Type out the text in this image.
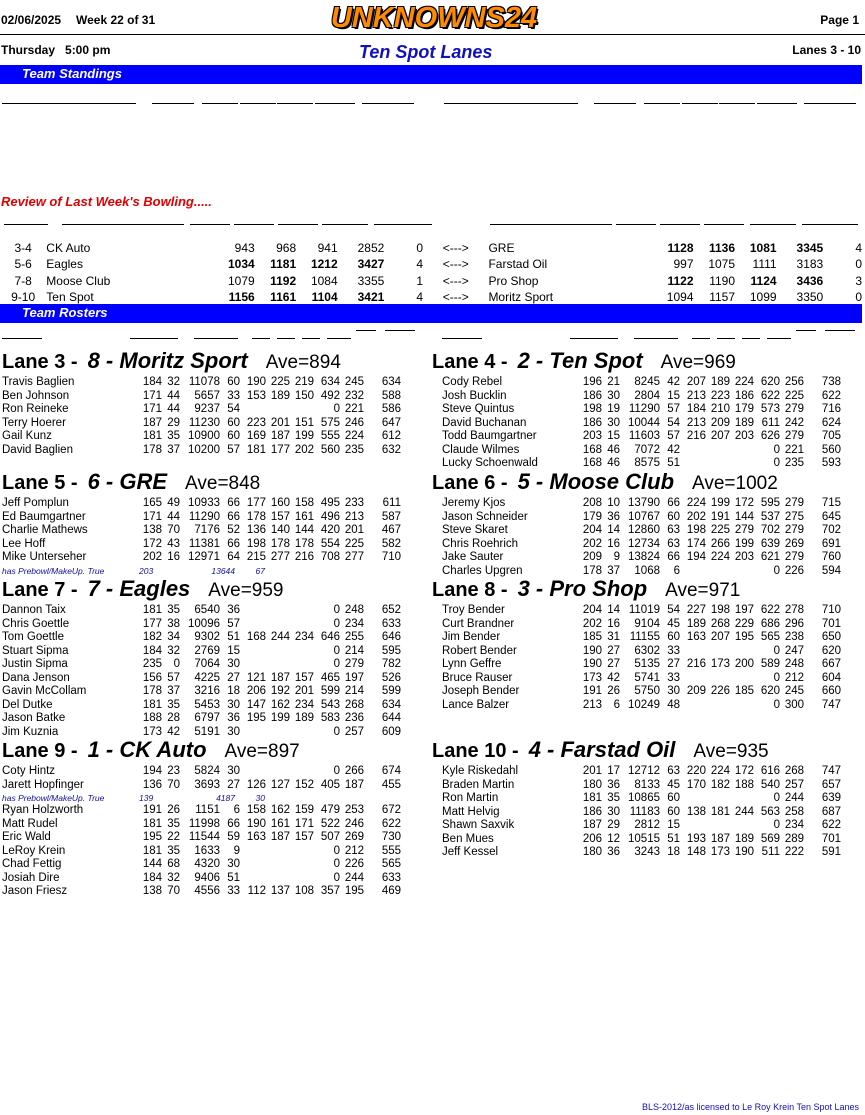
02/06/2025 Week 22 of 31	UNKNOWNS24	Page 1
Thursday   5:00 pm	Ten Spot Lanes	Lanes 3 - 10
Team Standings

Review of Last Week's Bowling.....
3-4	CK Auto	943	968	941	2852	0	<--->	GRE	1128	1136	1081	3345	4
5-6	Eagles	1034	1181	1212	3427	4	<--->	Farstad Oil	997	1075	1111	3183	0
7-8	Moose Club	1079	1192	1084	3355	1	<--->	Pro Shop	1122	1190	1124	3436	3
9-10	Ten Spot	1156	1161	1104	3421	4	<--->	Moritz Sport	1094	1157	1099	3350	0
Team Rosters
Lane 3 - 8 - Moritz Sport Ave=894
Travis Baglien	184	32	11078	60	190	225	219	634	245	634
Ben Johnson	171	44	5657	33	153	189	150	492	232	588
Ron Reineke	171	44	9237	54				0	221	586
Terry Hoerer	187	29	11230	60	223	201	151	575	246	647
Gail Kunz	181	35	10900	60	169	187	199	555	224	612
David Baglien	178	37	10200	57	181	177	202	560	235	632
Lane 4 - 2 - Ten Spot Ave=969
Cody Rebel	196	21	8245	42	207	189	224	620	256	738
Josh Bucklin	186	30	2804	15	213	223	186	622	225	622
Steve Quintus	198	19	11290	57	184	210	179	573	279	716
David Buchanan	186	30	10044	54	213	209	189	611	242	624
Todd Baumgartner	203	15	11603	57	216	207	203	626	279	705
Claude Wilmes	168	46	7072	42				0	221	560
Lucky Schoenwald	168	46	8575	51				0	235	593
Lane 5 - 6 - GRE Ave=848
Jeff Pomplun	165	49	10933	66	177	160	158	495	233	611
Ed Baumgartner	171	44	11290	66	178	157	161	496	213	587
Charlie Mathews	138	70	7176	52	136	140	144	420	201	467
Lee Hoff	172	43	11381	66	198	178	178	554	225	582
Mike Unterseher	202	16	12971	64	215	277	216	708	277	710
has Prebowl/MakeUp. True	203	13644 67
Lane 6 - 5 - Moose Club Ave=1002
Jeremy Kjos	208	10	13790	66	224	199	172	595	279	715
Jason Schneider	179	36	10767	60	202	191	144	537	275	645
Steve Skaret	204	14	12860	63	198	225	279	702	279	702
Chris Roehrich	202	16	12734	63	174	266	199	639	269	691
Jake Sauter	209	9	13824	66	194	224	203	621	279	760
Charles Upgren	178	37	1068	6				0	226	594
Lane 7 - 7 - Eagles Ave=959
Dannon Taix	181	35	6540	36				0	248	652
Chris Goettle	177	38	10096	57				0	234	633
Tom Goettle	182	34	9302	51	168	244	234	646	255	646
Stuart Sipma	184	32	2769	15				0	214	595
Justin Sipma	235	0	7064	30				0	279	782
Dana Jenson	156	57	4225	27	121	187	157	465	197	526
Gavin McCollam	178	37	3216	18	206	192	201	599	214	599
Del Dutke	181	35	5453	30	147	162	234	543	268	634
Jason Batke	188	28	6797	36	195	199	189	583	236	644
Jim Kuznia	173	42	5191	30				0	257	609
Lane 8 - 3 - Pro Shop Ave=971
Troy Bender	204	14	11019	54	227	198	197	622	278	710
Curt Brandner	202	16	9104	45	189	268	229	686	296	701
Jim Bender	185	31	11155	60	163	207	195	565	238	650
Robert Bender	190	27	6302	33				0	247	620
Lynn Geffre	190	27	5135	27	216	173	200	589	248	667
Bruce Rauser	173	42	5741	33				0	212	604
Joseph Bender	191	26	5750	30	209	226	185	620	245	660
Lance Balzer	213	6	10249	48				0	300	747
Lane 9 - 1 - CK Auto Ave=897
Coty Hintz	194	23	5824	30				0	266	674
Jarett Hopfinger	136	70	3693	27	126	127	152	405	187	455
has Prebowl/MakeUp. True	139	4187 30
Ryan Holzworth	191	26	1151	6	158	162	159	479	253	672
Matt Rudel	181	35	11998	66	190	161	171	522	246	622
Eric Wald	195	22	11544	59	163	187	157	507	269	730
LeRoy Krein	181	35	1633	9				0	212	555
Chad Fettig	144	68	4320	30				0	226	565
Josiah Dire	184	32	9406	51				0	244	633
Jason Friesz	138	70	4556	33	112	137	108	357	195	469
Lane 10 - 4 - Farstad Oil Ave=935
Kyle Riskedahl	201	17	12712	63	220	224	172	616	268	747
Braden Martin	180	36	8133	45	170	182	188	540	257	657
Ron Martin	181	35	10865	60				0	244	639
Matt Helvig	186	30	11183	60	138	181	244	563	258	687
Shawn Saxvik	187	29	2812	15				0	234	622
Ben Mues	206	12	10515	51	193	187	189	569	289	701
Jeff Kessel	180	36	3243	18	148	173	190	511	222	591
BLS-2012/as licensed to Le Roy Krein Ten Spot Lanes
